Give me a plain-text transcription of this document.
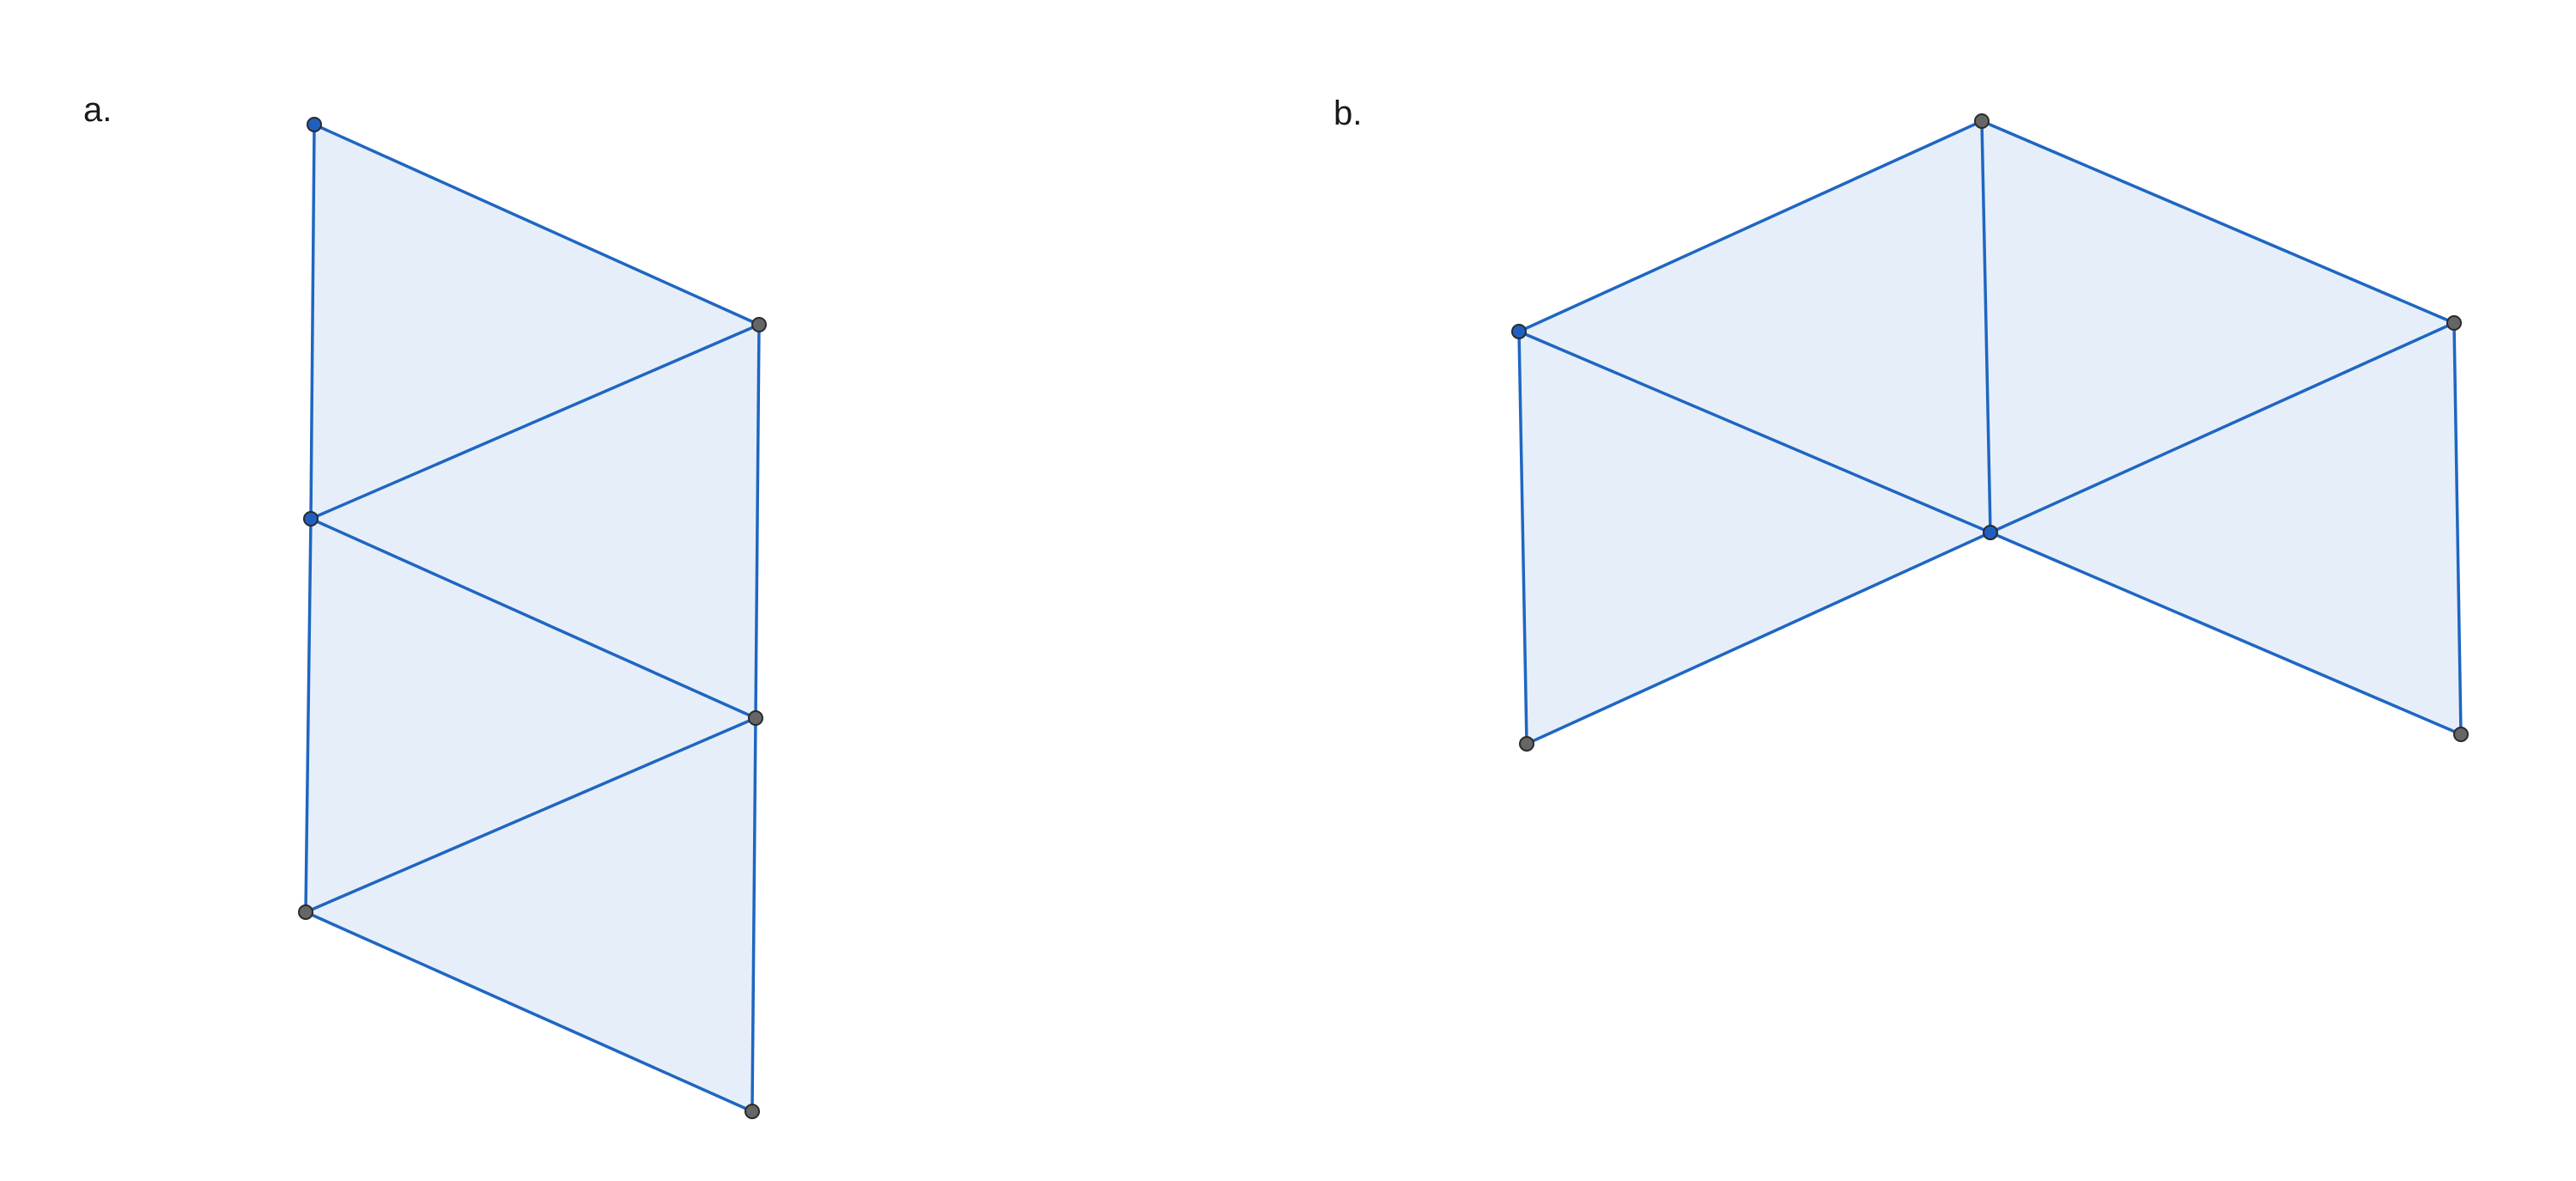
a.	b.
